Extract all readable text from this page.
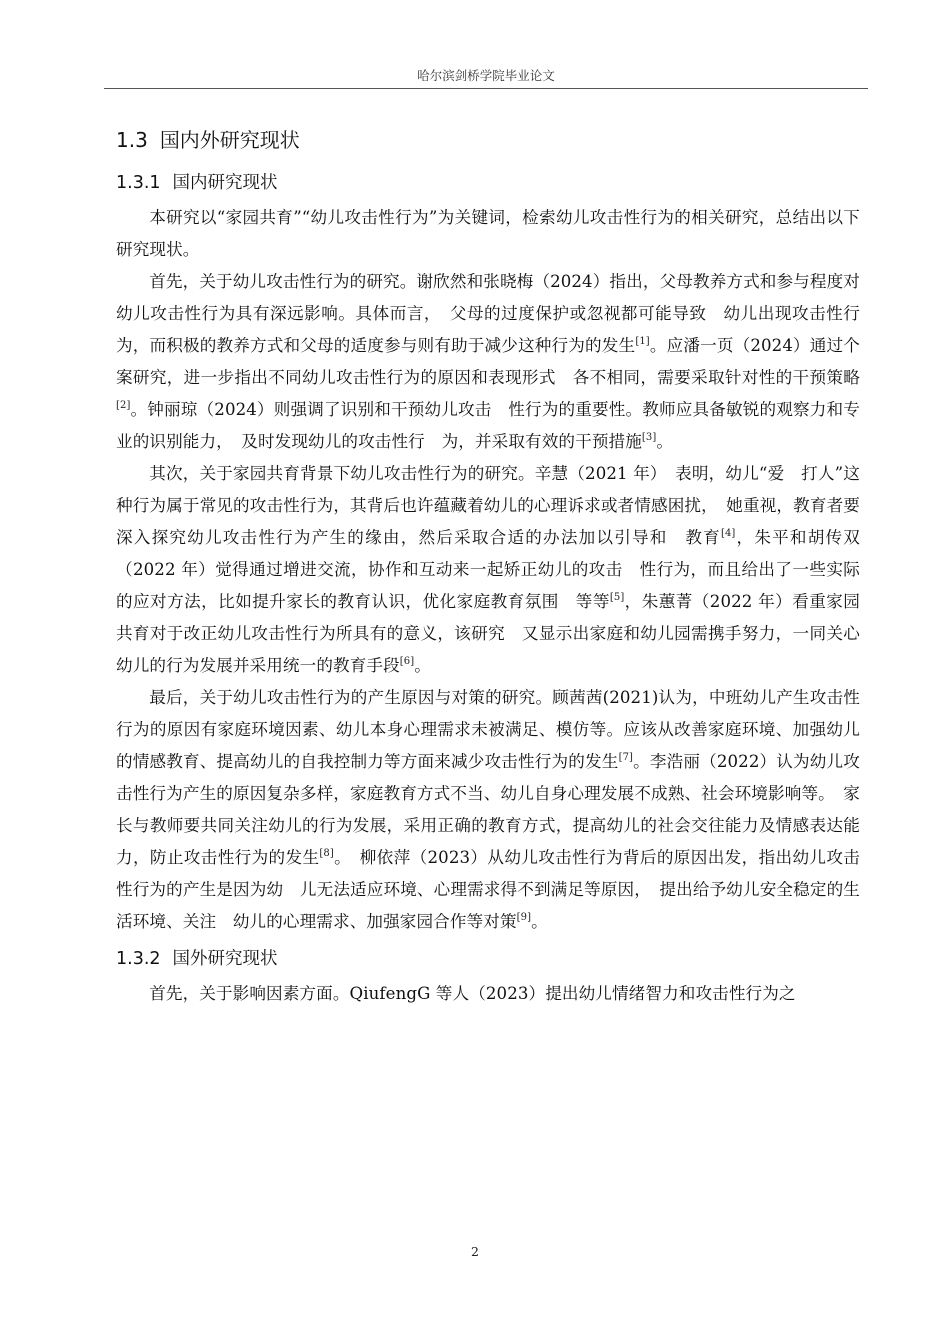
哈尔滨剑桥学院毕业论文
1.3 国内外研究现状
1.3.1 国内研究现状

本研究以“家园共育”“幼儿攻击性行为”为关键词，检索幼儿攻击性行为的相关研究，总结出以下研究现状。

首先，关于幼儿攻击性行为的研究。谢欣然和张晓梅（2024）指出，父母教养方式和参与程度对幼儿攻击性行为具有深远影响。具体而言，　父母的过度保护或忽视都可能导致　幼儿出现攻击性行为，而积极的教养方式和父母的适度参与则有助于减少这种行为的发生[1]。应潘一页（2024）通过个案研究，进一步指出不同幼儿攻击性行为的原因和表现形式　各不相同，需要采取针对性的干预策略[2]。钟丽琼（2024）则强调了识别和干预幼儿攻击　性行为的重要性。教师应具备敏锐的观察力和专业的识别能力，　及时发现幼儿的攻击性行　为，并采取有效的干预措施[3]。

其次，关于家园共育背景下幼儿攻击性行为的研究。辛慧（2021 年）　表明，幼儿“爱　打人”这种行为属于常见的攻击性行为，其背后也许蕴藏着幼儿的心理诉求或者情感困扰，　她重视，教育者要深入探究幼儿攻击性行为产生的缘由，然后采取合适的办法加以引导和　教育[4]，朱平和胡传双（2022 年）觉得通过增进交流，协作和互动来一起矫正幼儿的攻击　性行为，而且给出了一些实际的应对方法，比如提升家长的教育认识，优化家庭教育氛围　等等[5]，朱蕙菁（2022 年）看重家园共育对于改正幼儿攻击性行为所具有的意义，该研究　又显示出家庭和幼儿园需携手努力，一同关心幼儿的行为发展并采用统一的教育手段[6]。

最后，关于幼儿攻击性行为的产生原因与对策的研究。顾茜茜(2021)认为，中班幼儿产生攻击性行为的原因有家庭环境因素、幼儿本身心理需求未被满足、模仿等。应该从改善家庭环境、加强幼儿的情感教育、提高幼儿的自我控制力等方面来减少攻击性行为的发生[7]。李浩丽（2022）认为幼儿攻击性行为产生的原因复杂多样，家庭教育方式不当、幼儿自身心理发展不成熟、社会环境影响等。　家长与教师要共同关注幼儿的行为发展，采用正确的教育方式，提高幼儿的社会交往能力及情感表达能力，防止攻击性行为的发生[8]。　柳依萍（2023）从幼儿攻击性行为背后的原因出发，指出幼儿攻击性行为的产生是因为幼　儿无法适应环境、心理需求得不到满足等原因，　提出给予幼儿安全稳定的生活环境、关注　幼儿的心理需求、加强家园合作等对策[9]。

1.3.2 国外研究现状

首先，关于影响因素方面。QiufengG 等人（2023）提出幼儿情绪智力和攻击性行为之

2
